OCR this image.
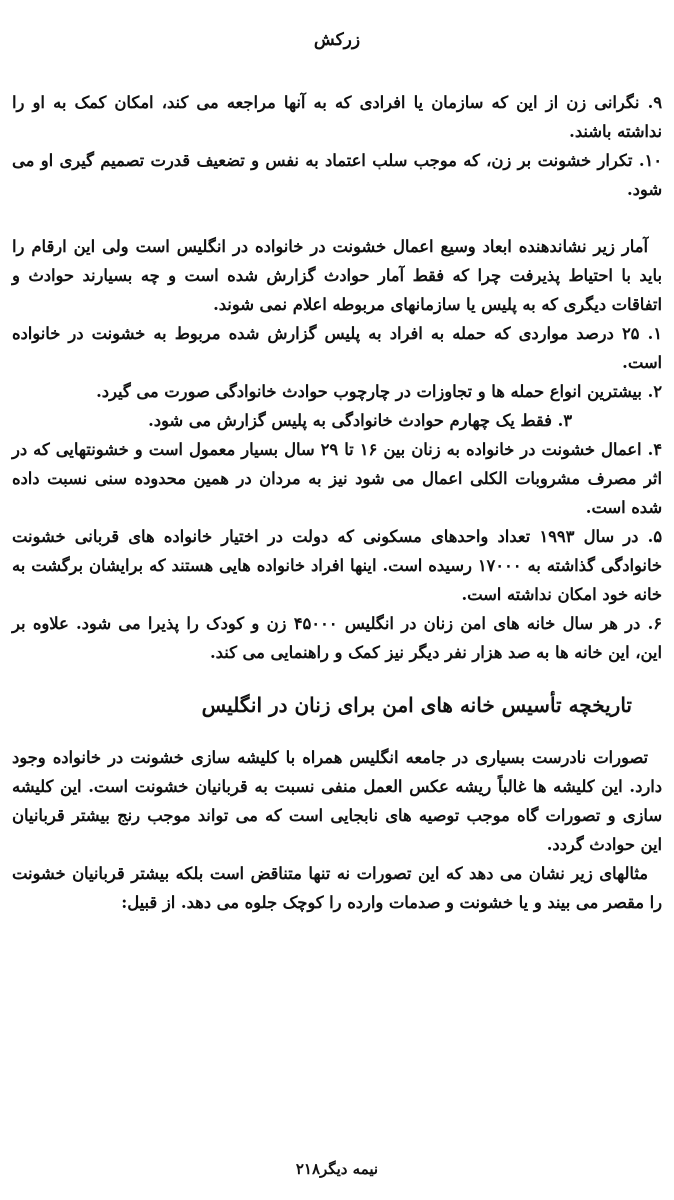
زرکش

۹. نگرانی زن از این که سازمان یا افرادی که به آنها مراجعه می کند، امکان کمک به او را نداشته باشند.

۱۰. تکرار خشونت بر زن، که موجب سلب اعتماد به نفس و تضعیف قدرت تصمیم گیری او می شود.

آمار زیر نشاندهنده ابعاد وسیع اعمال خشونت در خانواده در انگلیس است ولی این ارقام را باید با احتیاط پذیرفت چرا که فقط آمار حوادث گزارش شده است و چه بسیارند حوادث و اتفاقات دیگری که به پلیس یا سازمانهای مربوطه اعلام نمی شوند.

۱. ۲۵ درصد مواردی که حمله به افراد به پلیس گزارش شده مربوط به خشونت در خانواده است.

۲. بیشترین انواع حمله ها و تجاوزات در چارچوب حوادث خانوادگی صورت می گیرد.

۳. فقط یک چهارم حوادث خانوادگی به پلیس گزارش می شود.

۴. اعمال خشونت در خانواده به زنان بین ۱۶ تا ۲۹ سال بسیار معمول است و خشونتهایی که در اثر مصرف مشروبات الکلی اعمال می شود نیز به مردان در همین محدوده سنی نسبت داده شده است.

۵. در سال ۱۹۹۳ تعداد واحدهای مسکونی که دولت در اختیار خانواده های قربانی خشونت خانوادگی گذاشته به ۱۷۰۰۰ رسیده است. اینها افراد خانواده هایی هستند که برایشان برگشت به خانه خود امکان نداشته است.

۶. در هر سال خانه های امن زنان در انگلیس ۴۵۰۰۰ زن و کودک را پذیرا می شود. علاوه بر این، این خانه ها به صد هزار نفر دیگر نیز کمک و راهنمایی می کند.

تاریخچه تأسیس خانه های امن برای زنان در انگلیس

تصورات نادرست بسیاری در جامعه انگلیس همراه با کلیشه سازی خشونت در خانواده وجود دارد. این کلیشه ها غالباً ریشه عکس العمل منفی نسبت به قربانیان خشونت است. این کلیشه سازی و تصورات گاه موجب توصیه های نابجایی است که می تواند موجب رنج بیشتر قربانیان این حوادث گردد.

مثالهای زیر نشان می دهد که این تصورات نه تنها متناقض است بلکه بیشتر قربانیان خشونت را مقصر می بیند و یا خشونت و صدمات وارده را کوچک جلوه می دهد. از قبیل:

نیمه دیگر۲۱۸
